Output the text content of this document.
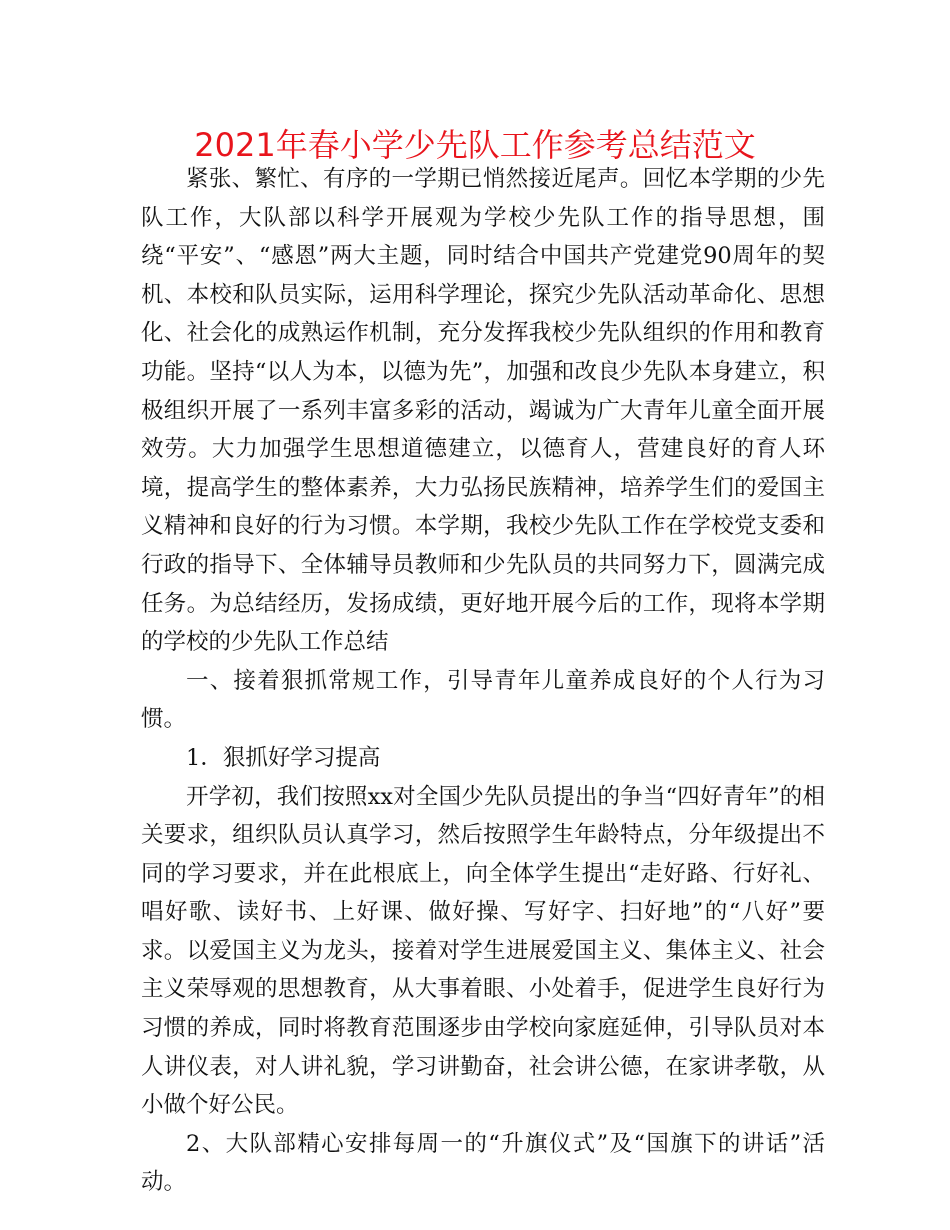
2021年春小学少先队工作参考总结范文

紧张、繁忙、有序的一学期已悄然接近尾声。回忆本学期的少先队工作，大队部以科学开展观为学校少先队工作的指导思想，围绕“平安”、“感恩”两大主题，同时结合中国共产党建党90周年的契机、本校和队员实际，运用科学理论，探究少先队活动革命化、思想化、社会化的成熟运作机制，充分发挥我校少先队组织的作用和教育功能。坚持“以人为本，以德为先”，加强和改良少先队本身建立，积极组织开展了一系列丰富多彩的活动，竭诚为广大青年儿童全面开展效劳。大力加强学生思想道德建立，以德育人，营建良好的育人环境，提高学生的整体素养，大力弘扬民族精神，培养学生们的爱国主义精神和良好的行为习惯。本学期，我校少先队工作在学校党支委和行政的指导下、全体辅导员教师和少先队员的共同努力下，圆满完成任务。为总结经历，发扬成绩，更好地开展今后的工作，现将本学期的学校的少先队工作总结

一、接着狠抓常规工作，引导青年儿童养成良好的个人行为习惯。

1．狠抓好学习提高

开学初，我们按照xx对全国少先队员提出的争当“四好青年”的相关要求，组织队员认真学习，然后按照学生年龄特点，分年级提出不同的学习要求，并在此根底上，向全体学生提出“走好路、行好礼、唱好歌、读好书、上好课、做好操、写好字、扫好地”的“八好”要求。以爱国主义为龙头，接着对学生进展爱国主义、集体主义、社会主义荣辱观的思想教育，从大事着眼、小处着手，促进学生良好行为习惯的养成，同时将教育范围逐步由学校向家庭延伸，引导队员对本人讲仪表，对人讲礼貌，学习讲勤奋，社会讲公德，在家讲孝敬，从小做个好公民。

2、大队部精心安排每周一的“升旗仪式”及“国旗下的讲话”活动。
